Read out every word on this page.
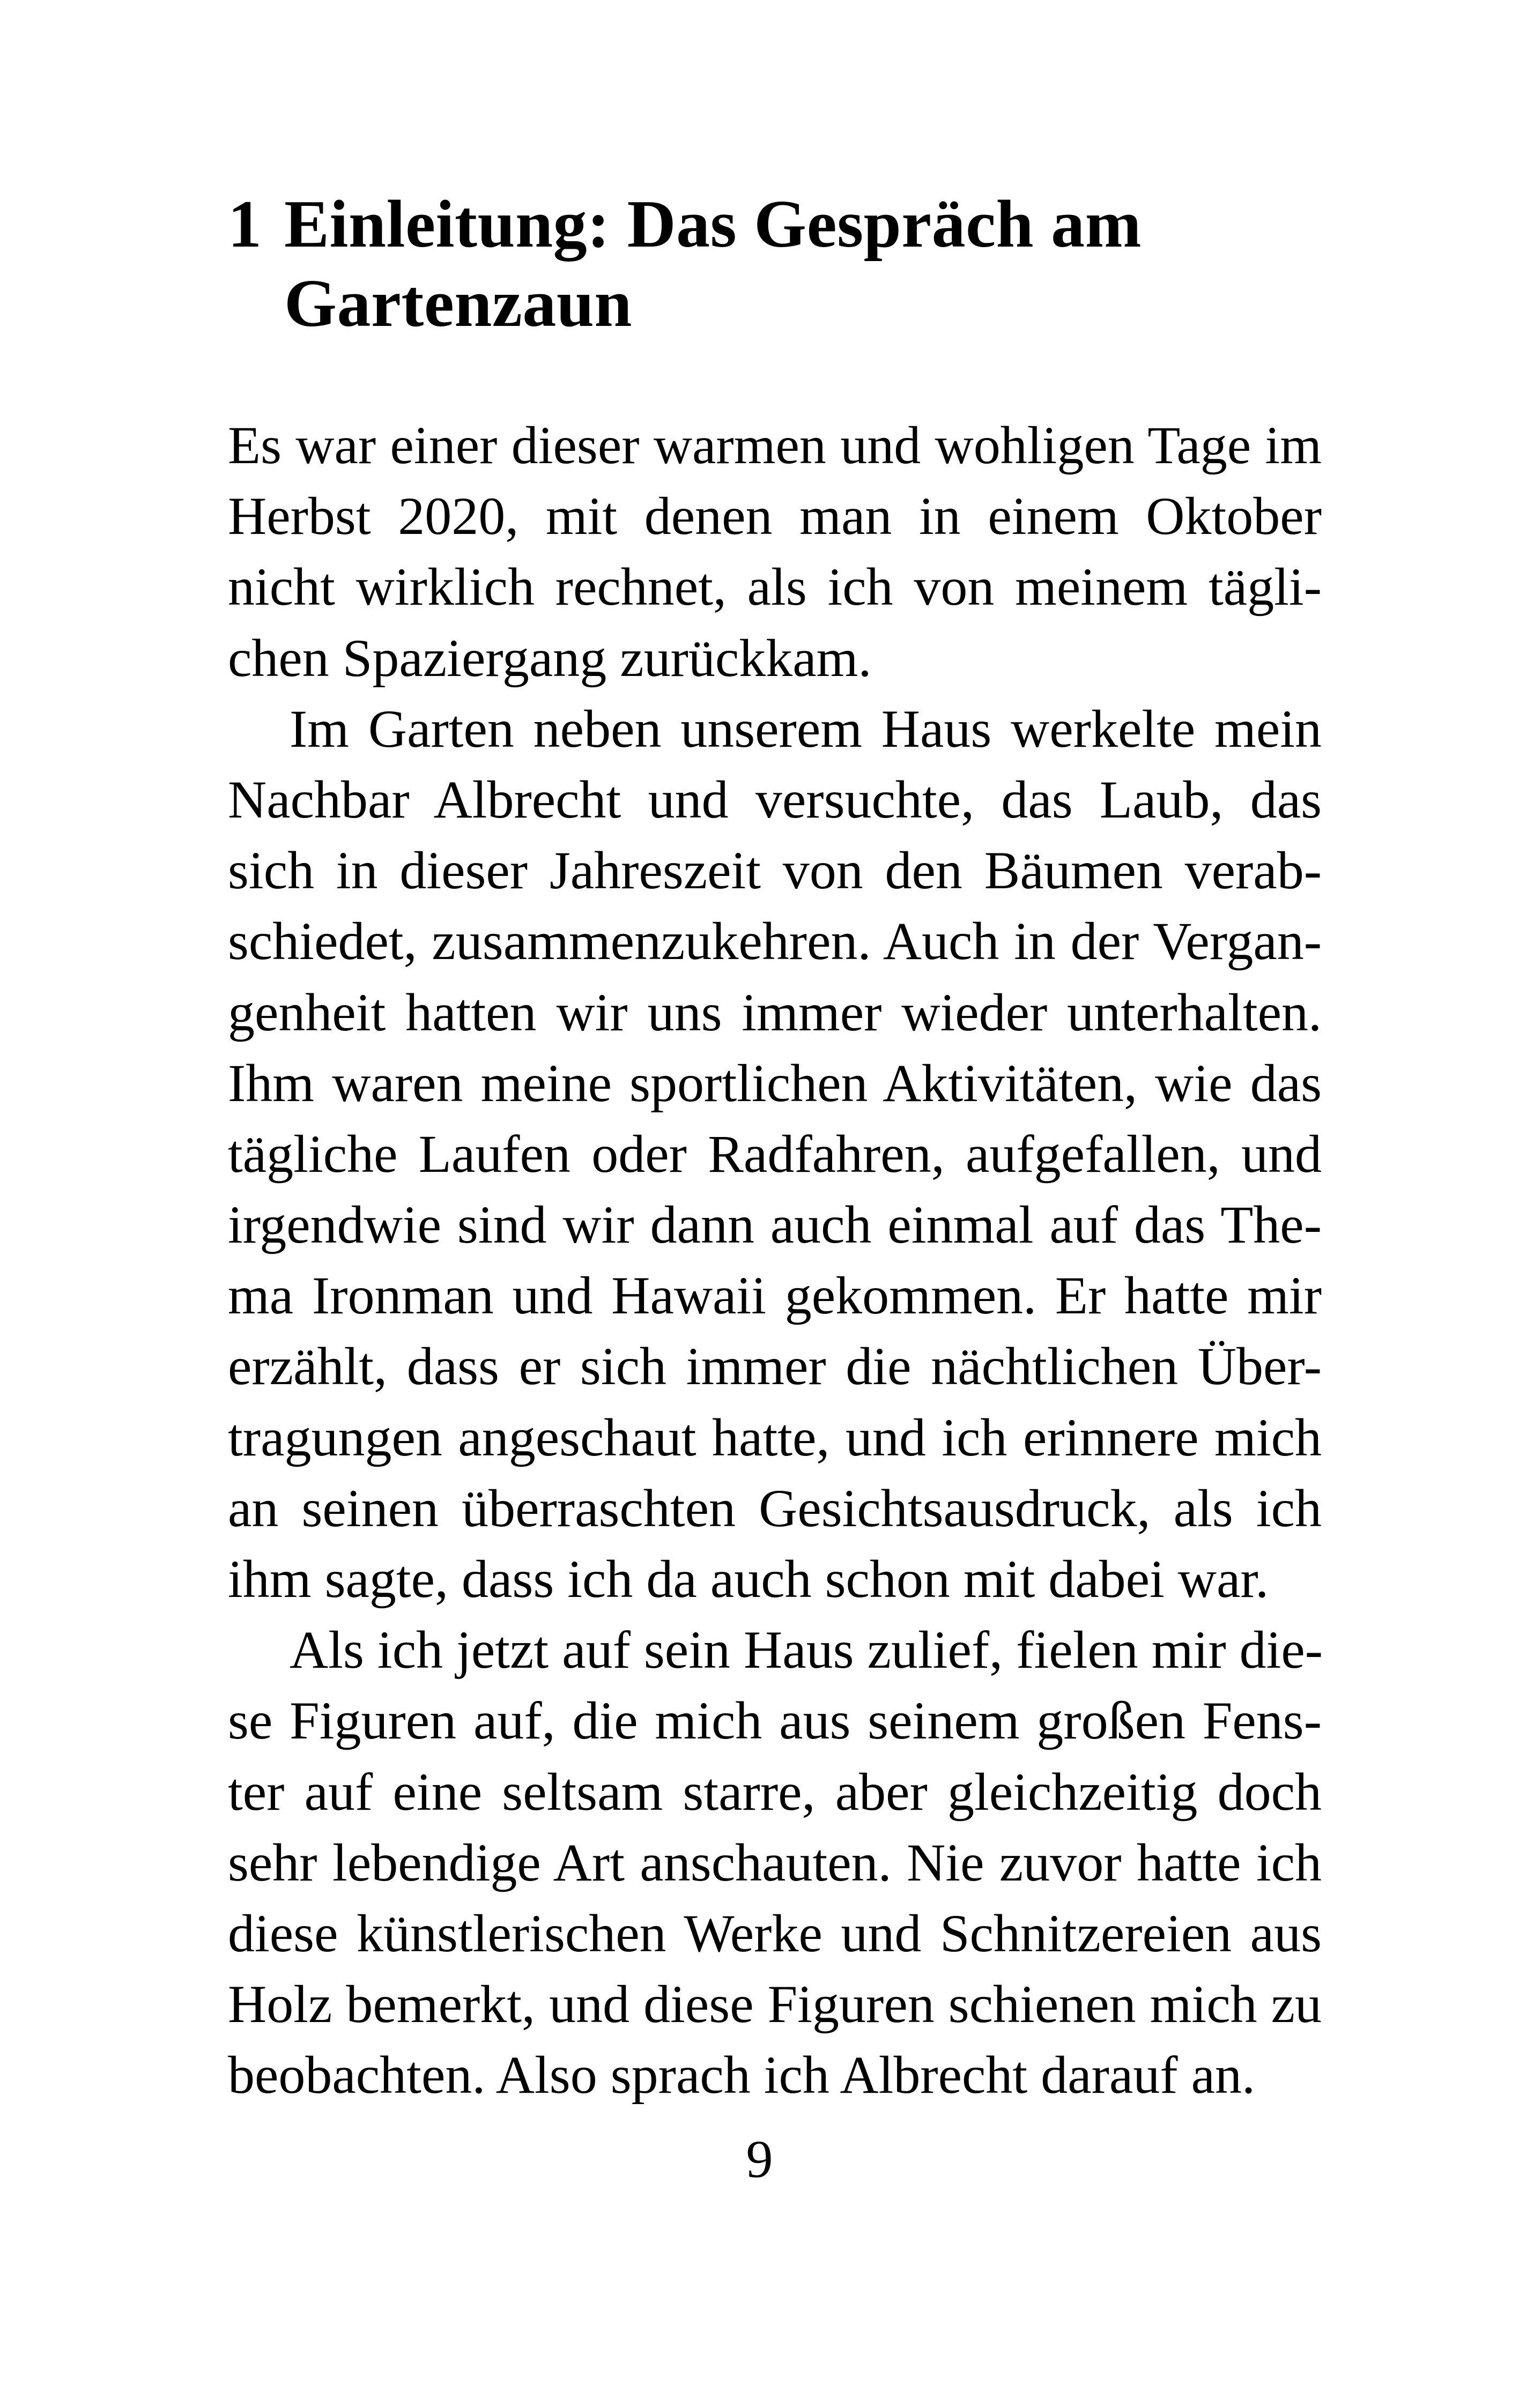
1 Einleitung: Das Gespräch am
Gartenzaun
Es war einer dieser warmen und wohligen Tage im
Herbst 2020, mit denen man in einem Oktober
nicht wirklich rechnet, als ich von meinem tägli-
chen Spaziergang zurückkam.
Im Garten neben unserem Haus werkelte mein
Nachbar Albrecht und versuchte, das Laub, das
sich in dieser Jahreszeit von den Bäumen verab-
schiedet, zusammenzukehren. Auch in der Vergan-
genheit hatten wir uns immer wieder unterhalten.
Ihm waren meine sportlichen Aktivitäten, wie das
tägliche Laufen oder Radfahren, aufgefallen, und
irgendwie sind wir dann auch einmal auf das The-
ma Ironman und Hawaii gekommen. Er hatte mir
erzählt, dass er sich immer die nächtlichen Über-
tragungen angeschaut hatte, und ich erinnere mich
an seinen überraschten Gesichtsausdruck, als ich
ihm sagte, dass ich da auch schon mit dabei war.
Als ich jetzt auf sein Haus zulief, fielen mir die-
se Figuren auf, die mich aus seinem großen Fens-
ter auf eine seltsam starre, aber gleichzeitig doch
sehr lebendige Art anschauten. Nie zuvor hatte ich
diese künstlerischen Werke und Schnitzereien aus
Holz bemerkt, und diese Figuren schienen mich zu
beobachten. Also sprach ich Albrecht darauf an.
9
